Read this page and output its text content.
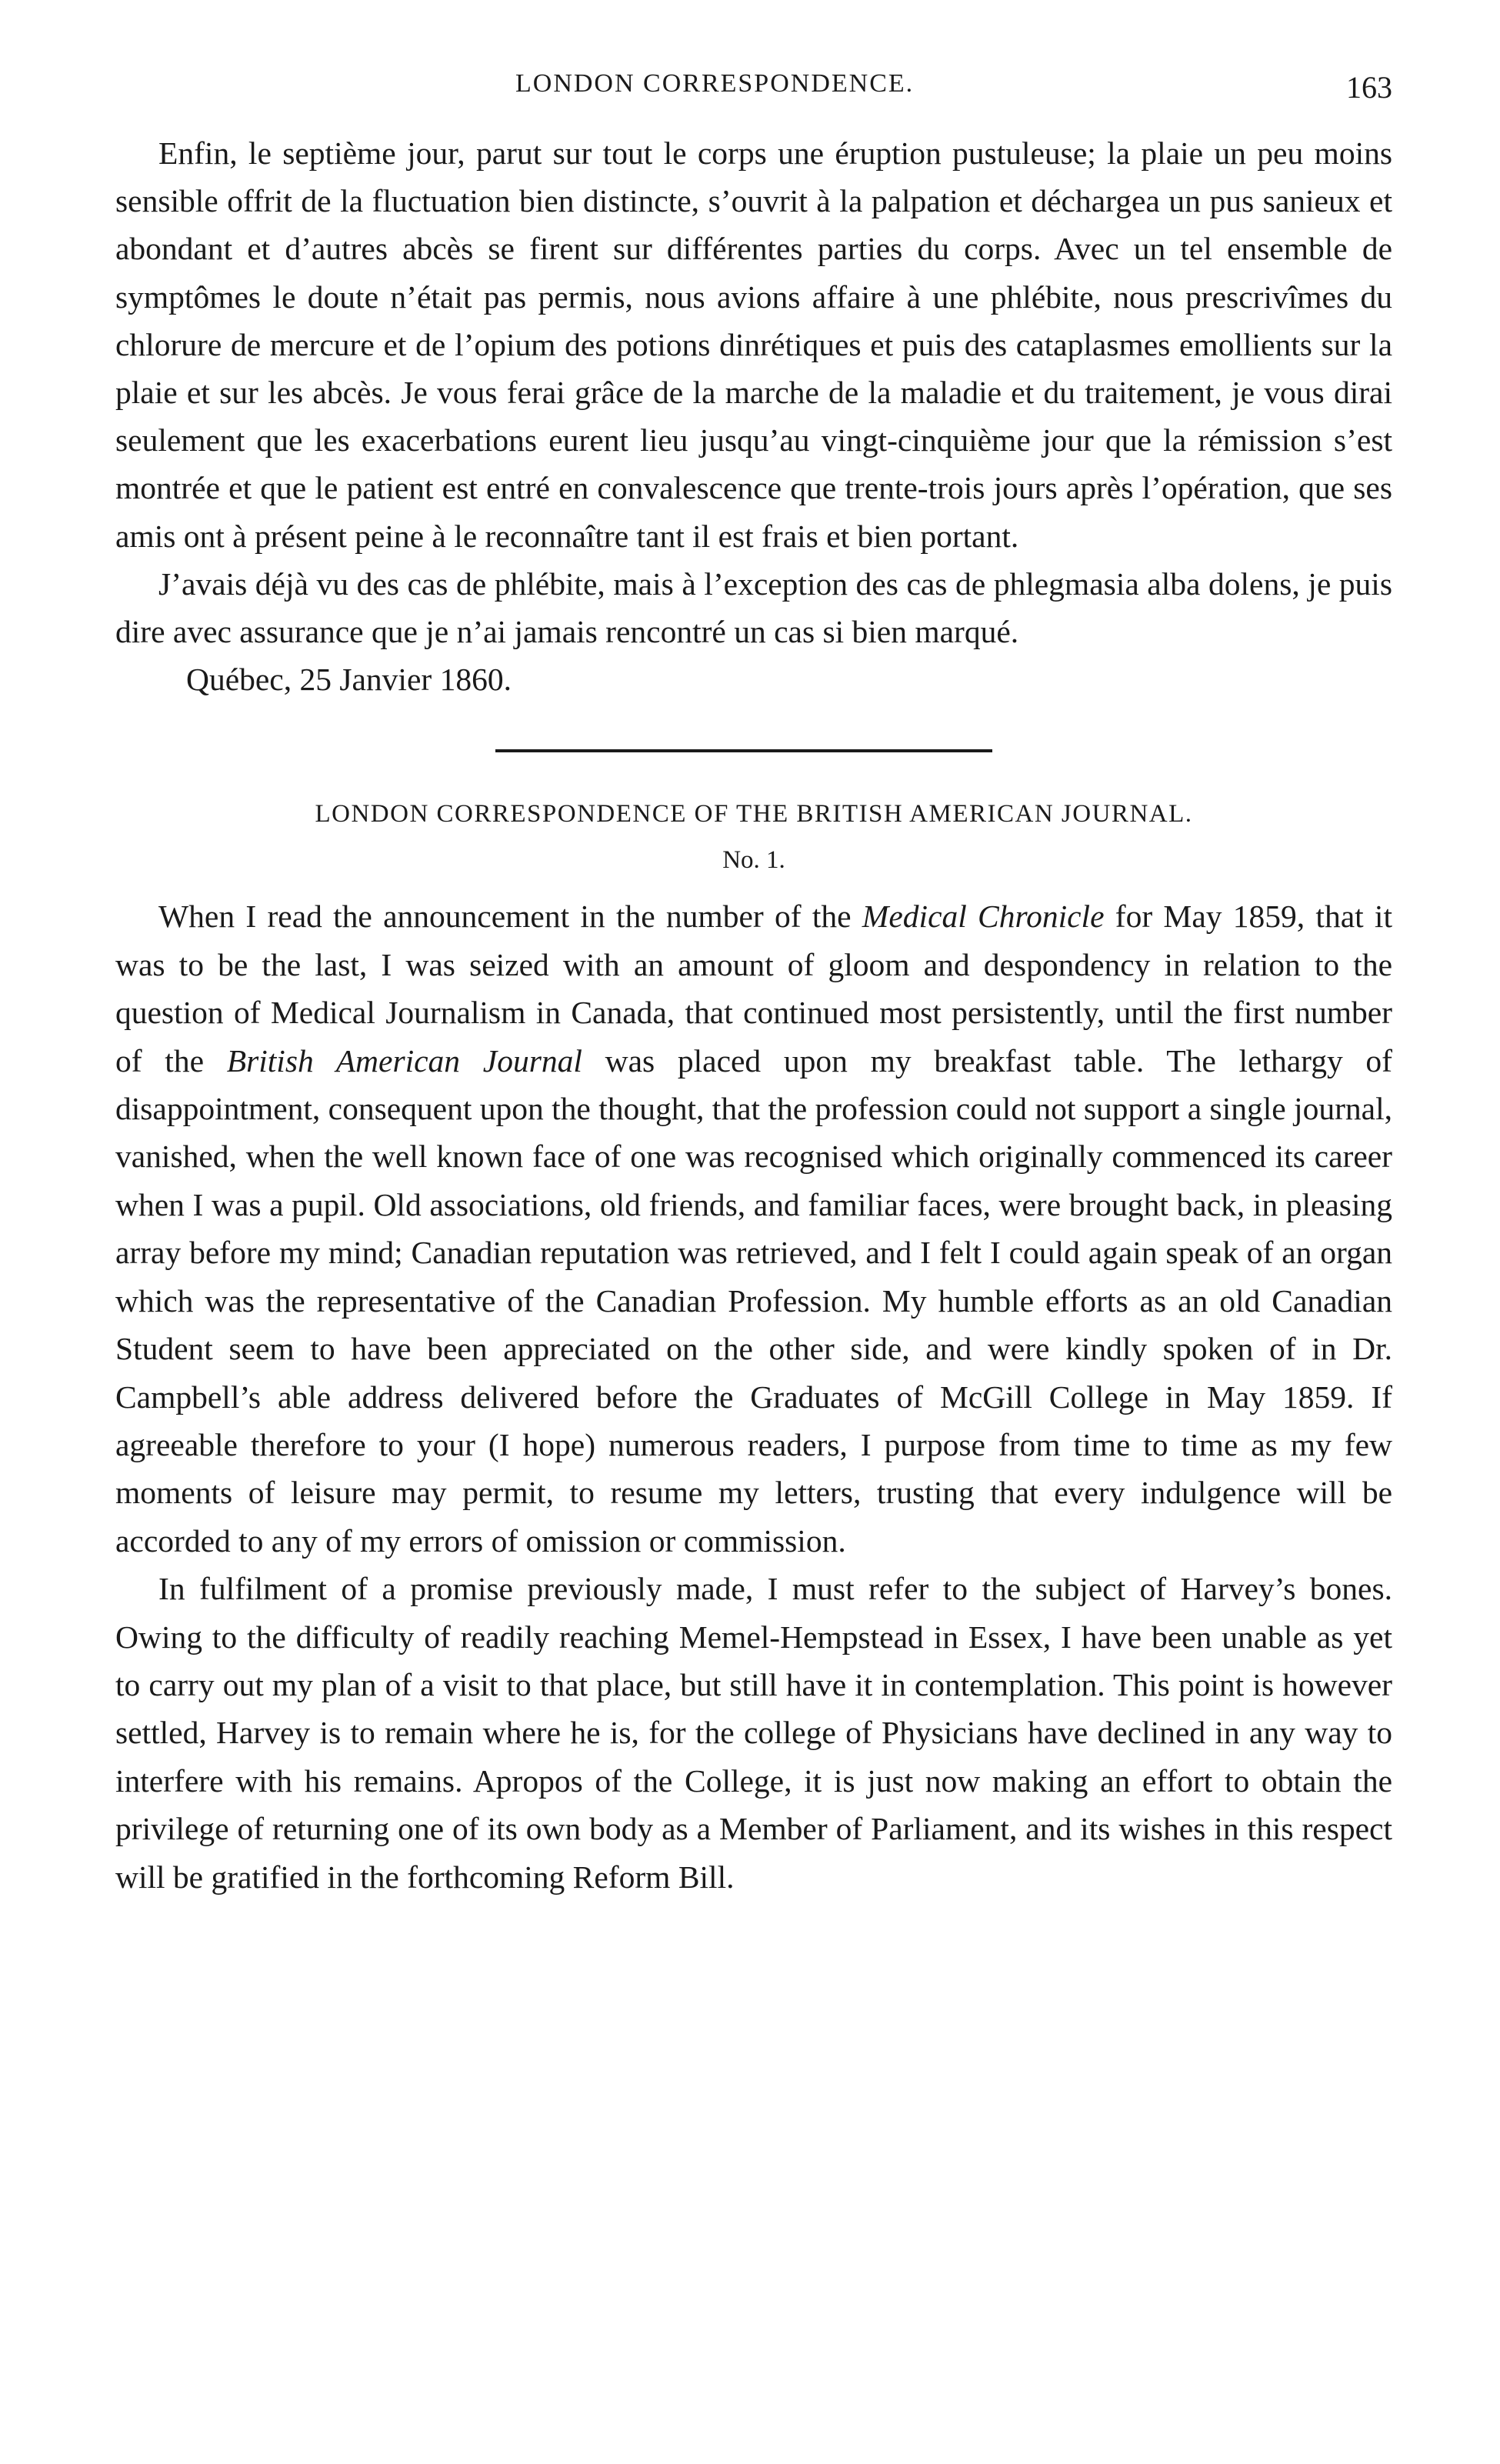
LONDON CORRESPONDENCE.	163

Enfin, le septième jour, parut sur tout le corps une éruption pustuleuse; la plaie un peu moins sensible offrit de la fluctuation bien distincte, s’ouvrit à la palpation et déchargea un pus sanieux et abondant et d’autres abcès se firent sur différentes parties du corps. Avec un tel ensemble de symptômes le doute n’était pas permis, nous avions affaire à une phlébite, nous prescrivîmes du chlorure de mercure et de l’opium des potions dinrétiques et puis des cataplasmes emollients sur la plaie et sur les abcès. Je vous ferai grâce de la marche de la maladie et du traitement, je vous dirai seulement que les exacerbations eurent lieu jusqu’au vingt-cinquième jour que la rémission s’est montrée et que le patient est entré en convalescence que trente-trois jours après l’opération, que ses amis ont à présent peine à le reconnaître tant il est frais et bien portant.

J’avais déjà vu des cas de phlébite, mais à l’exception des cas de phlegmasia alba dolens, je puis dire avec assurance que je n’ai jamais rencontré un cas si bien marqué.

Québec, 25 Janvier 1860.
LONDON CORRESPONDENCE OF THE BRITISH AMERICAN JOURNAL.
No. 1.

When I read the announcement in the number of the Medical Chronicle for May 1859, that it was to be the last, I was seized with an amount of gloom and despondency in relation to the question of Medical Journalism in Canada, that continued most persistently, until the first number of the British American Journal was placed upon my breakfast table. The lethargy of disappointment, consequent upon the thought, that the profession could not support a single journal, vanished, when the well known face of one was recognised which originally commenced its career when I was a pupil. Old associations, old friends, and familiar faces, were brought back, in pleasing array before my mind; Canadian reputation was retrieved, and I felt I could again speak of an organ which was the representative of the Canadian Profession. My humble efforts as an old Canadian Student seem to have been appreciated on the other side, and were kindly spoken of in Dr. Campbell’s able address delivered before the Graduates of McGill College in May 1859. If agreeable therefore to your (I hope) numerous readers, I purpose from time to time as my few moments of leisure may permit, to resume my letters, trusting that every indulgence will be accorded to any of my errors of omission or commission.

In fulfilment of a promise previously made, I must refer to the subject of Harvey’s bones. Owing to the difficulty of readily reaching Memel-Hempstead in Essex, I have been unable as yet to carry out my plan of a visit to that place, but still have it in contemplation. This point is however settled, Harvey is to remain where he is, for the college of Physicians have declined in any way to interfere with his remains. Apropos of the College, it is just now making an effort to obtain the privilege of returning one of its own body as a Member of Parliament, and its wishes in this respect will be gratified in the forthcoming Reform Bill.
